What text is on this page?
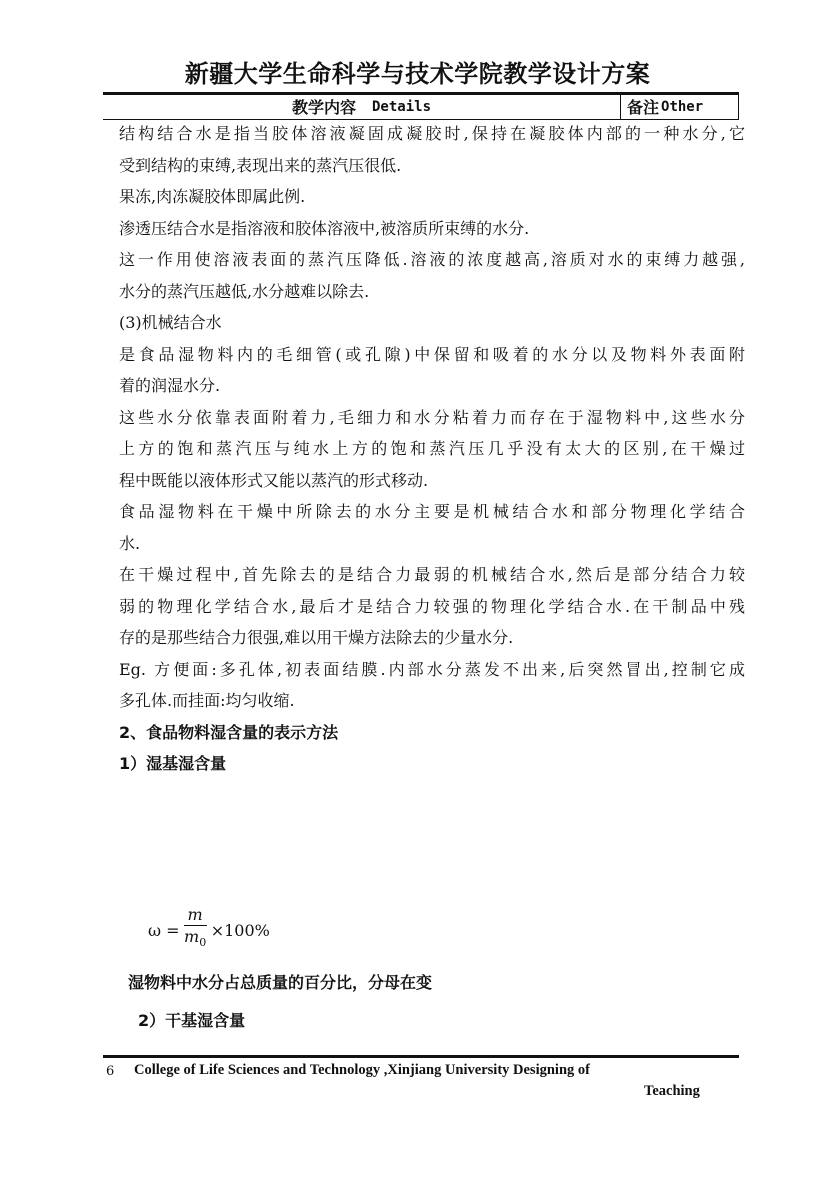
新疆大学生命科学与技术学院教学设计方案
教学内容 Details	备注 Other
结构结合水是指当胶体溶液凝固成凝胶时,保持在凝胶体内部的一种水分,它
受到结构的束缚,表现出来的蒸汽压很低.
果冻,肉冻凝胶体即属此例.
渗透压结合水是指溶液和胶体溶液中,被溶质所束缚的水分.
这一作用使溶液表面的蒸汽压降低.溶液的浓度越高,溶质对水的束缚力越强,
水分的蒸汽压越低,水分越难以除去.
(3)机械结合水
是食品湿物料内的毛细管(或孔隙)中保留和吸着的水分以及物料外表面附
着的润湿水分.
这些水分依靠表面附着力,毛细力和水分粘着力而存在于湿物料中,这些水分
上方的饱和蒸汽压与纯水上方的饱和蒸汽压几乎没有太大的区别,在干燥过
程中既能以液体形式又能以蒸汽的形式移动.
食品湿物料在干燥中所除去的水分主要是机械结合水和部分物理化学结合
水.
在干燥过程中,首先除去的是结合力最弱的机械结合水,然后是部分结合力较
弱的物理化学结合水,最后才是结合力较强的物理化学结合水.在干制品中残
存的是那些结合力很强,难以用干燥方法除去的少量水分.
Eg. 方便面:多孔体,初表面结膜.内部水分蒸发不出来,后突然冒出,控制它成
多孔体.而挂面:均匀收缩.
2、食品物料湿含量的表示方法
1）湿基湿含量
$\omega = \frac{m}{m_0} \times 100\%$
湿物料中水分占总质量的百分比，分母在变
2）干基湿含量
6 College of Life Sciences and Technology ,Xinjiang University Designing of
Teaching
